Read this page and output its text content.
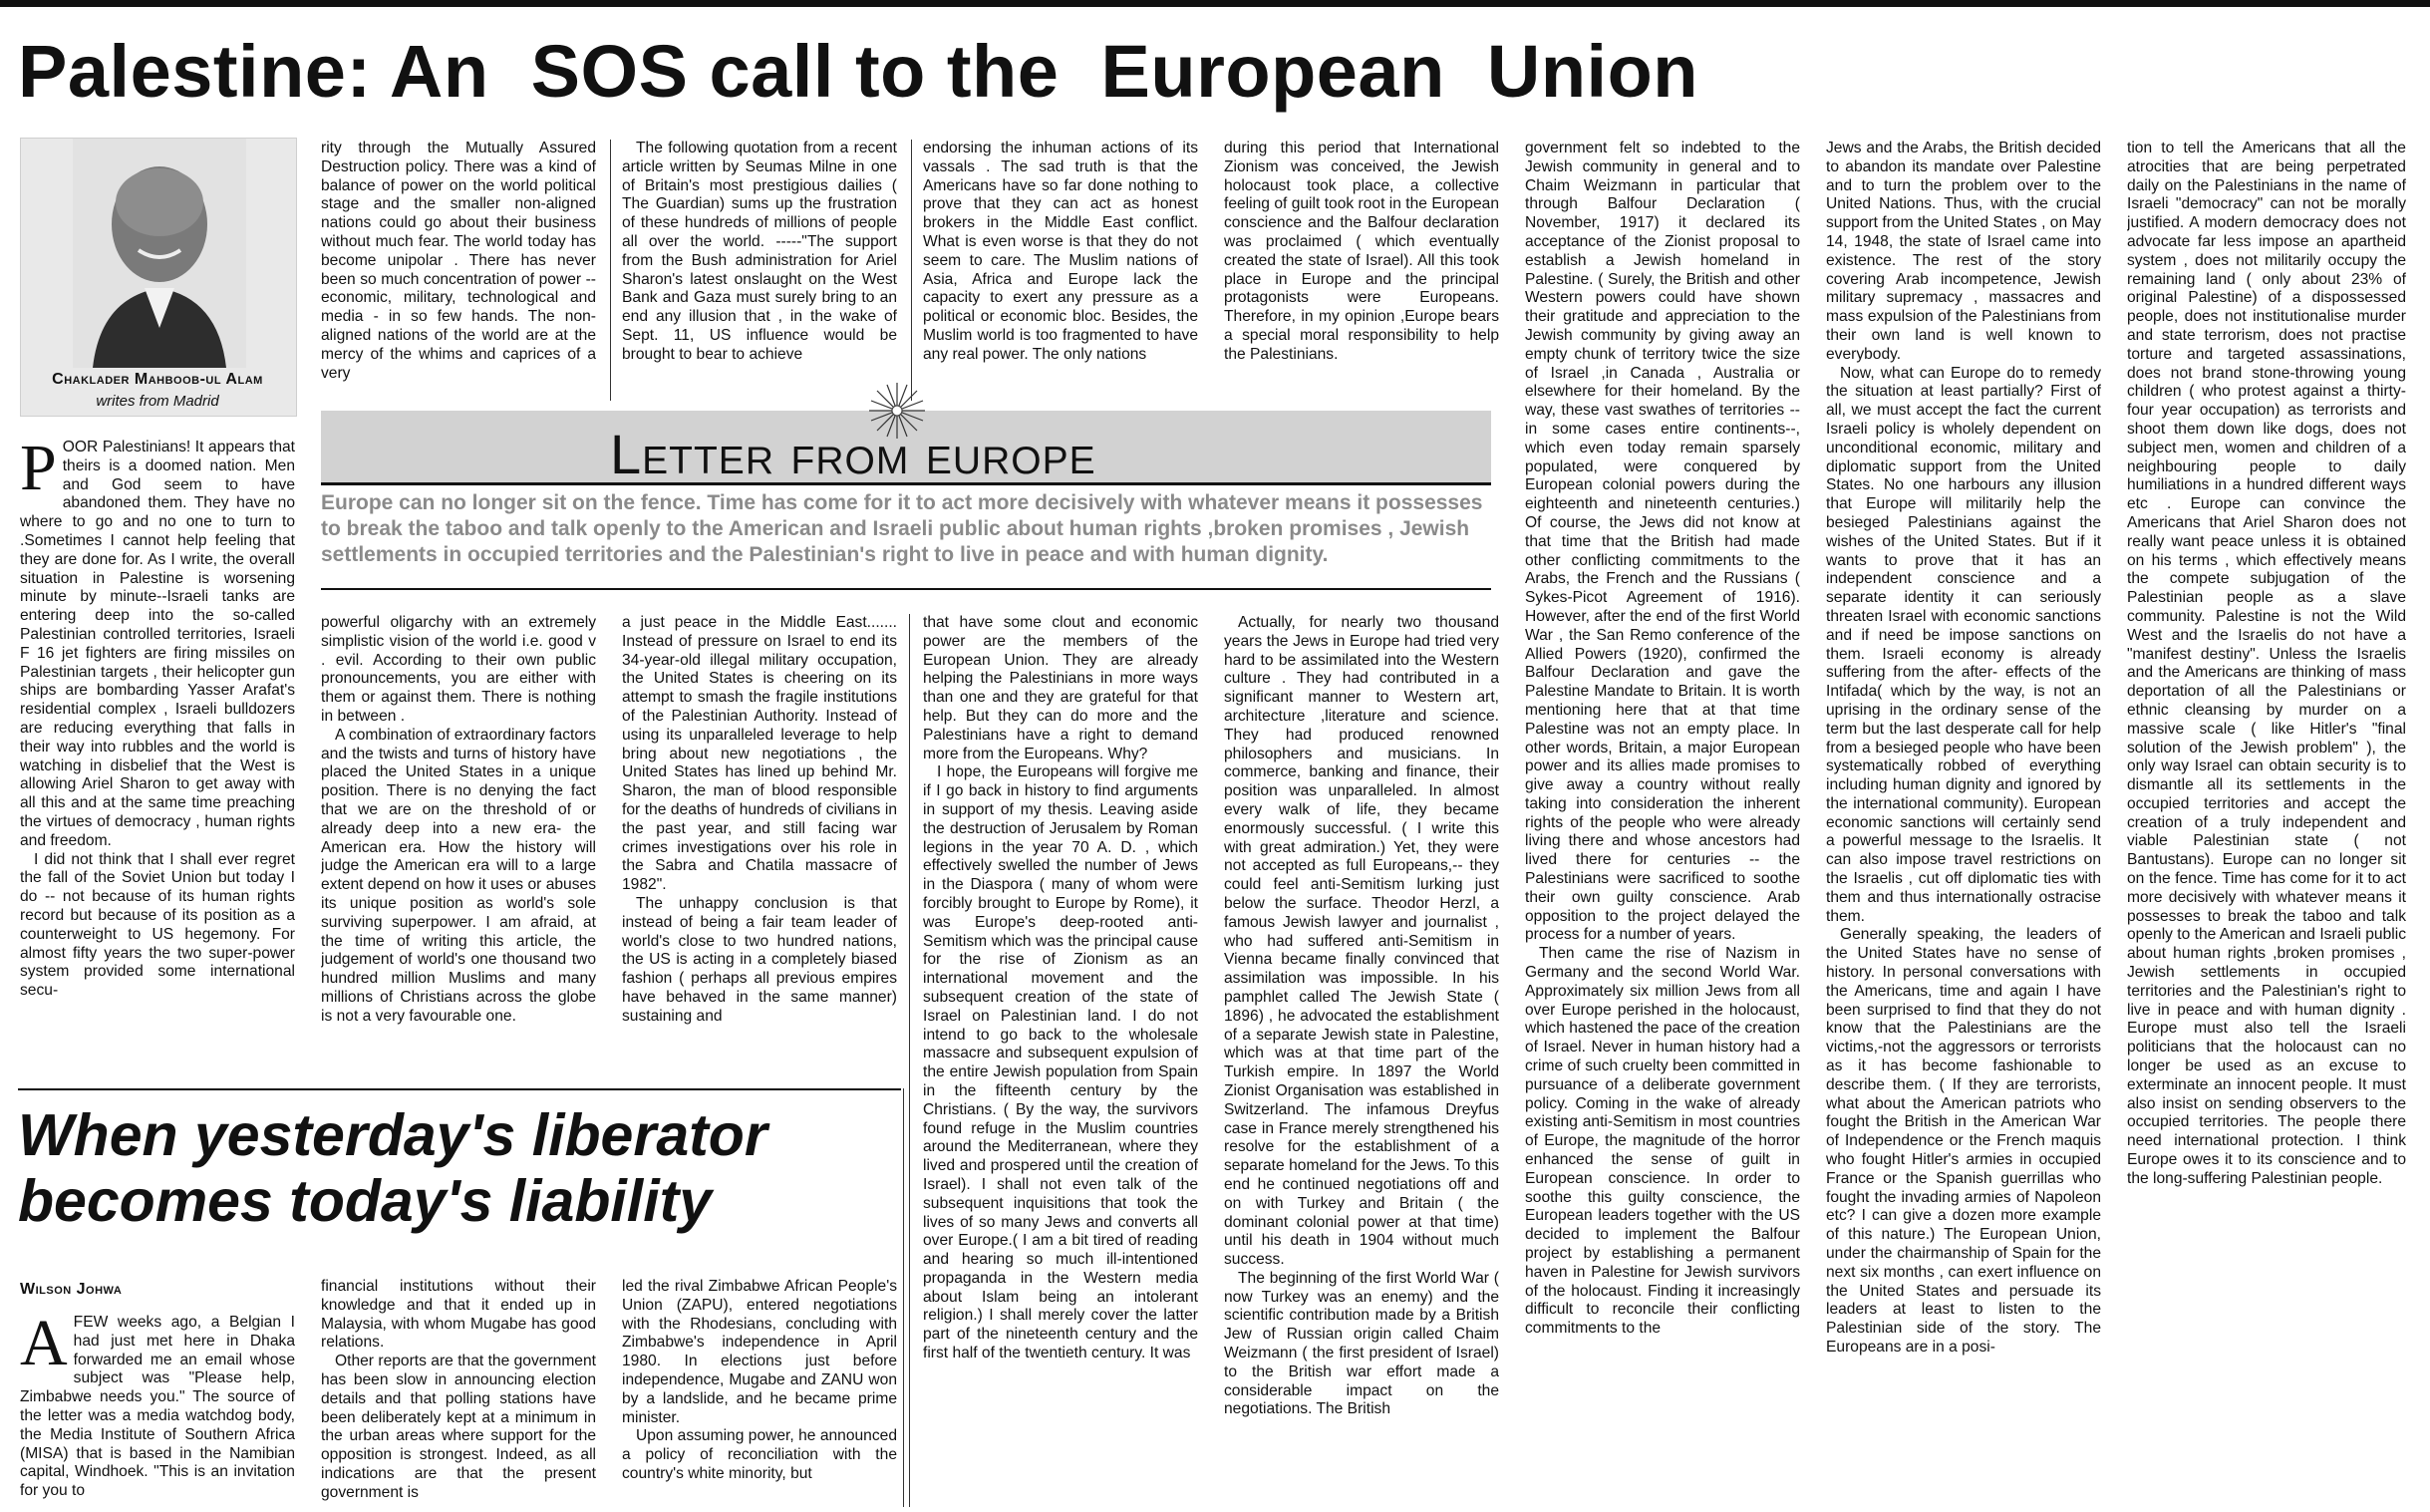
Palestine: An  SOS call to the  European  Union
Chaklader Mahboob-ul Alam
writes from Madrid
P OOR Palestinians! It appears that theirs is a doomed nation. Men and God seem to have abandoned them. They have no where to go and no one to turn to .Sometimes I cannot help feeling that they are done for. As I write, the overall situation in Palestine is worsening minute by minute--Israeli tanks are entering deep into the so-called Palestinian controlled territories, Israeli F 16 jet fighters are firing missiles on Palestinian targets , their helicopter gun ships are bombarding Yasser Arafat's residential complex , Israeli bulldozers are reducing everything that falls in their way into rubbles and the world is watching in disbelief that the West is allowing Ariel Sharon to get away with all this and at the same time preaching the virtues of democracy , human rights and freedom.

I did not think that I shall ever regret the fall of the Soviet Union but today I do -- not because of its human rights record but because of its position as a counterweight to US hegemony. For almost fifty years the two super-power system provided some international secu-

rity through the Mutually Assured Destruction policy. There was a kind of balance of power on the world political stage and the smaller non-aligned nations could go about their business without much fear. The world today has become unipolar . There has never been so much concentration of power --economic, military, technological and media - in so few hands. The non-aligned nations of the world are at the mercy of the whims and caprices of a very

The following quotation from a recent article written by Seumas Milne in one of Britain's most prestigious dailies ( The Guardian) sums up the frustration of these hundreds of millions of people all over the world. -----"The support from the Bush administration for Ariel Sharon's latest onslaught on the West Bank and Gaza must surely bring to an end any illusion that , in the wake of Sept. 11, US influence would be brought to bear to achieve

endorsing the inhuman actions of its vassals . The sad truth is that the Americans have so far done nothing to prove that they can act as honest brokers in the Middle East conflict. What is even worse is that they do not seem to care. The Muslim nations of Asia, Africa and Europe lack the capacity to exert any pressure as a political or economic bloc. Besides, the Muslim world is too fragmented to have any real power. The only nations

during this period that International Zionism was conceived, the Jewish holocaust took place, a collective feeling of guilt took root in the European conscience and the Balfour declaration was proclaimed ( which eventually created the state of Israel). All this took place in Europe and the principal protagonists were Europeans. Therefore, in my opinion ,Europe bears a special moral responsibility to help the Palestinians.

Letter from europe
Europe can no longer sit on the fence. Time has come for it to act more decisively with whatever means it possesses to break the taboo and talk openly to the American and Israeli public about human rights ,broken promises , Jewish settlements in occupied territories and the Palestinian's right to live in peace and with human dignity.

powerful oligarchy with an extremely simplistic vision of the world i.e. good v . evil. According to their own public pronouncements, you are either with them or against them. There is nothing in between .

A combination of extraordinary factors and the twists and turns of history have placed the United States in a unique position. There is no denying the fact that we are on the threshold of or already deep into a new era- the American era. How the history will judge the American era will to a large extent depend on how it uses or abuses its unique position as world's sole surviving superpower. I am afraid, at the time of writing this article, the judgement of world's one thousand two hundred million Muslims and many millions of Christians across the globe is not a very favourable one.

a just peace in the Middle East....... Instead of pressure on Israel to end its 34-year-old illegal military occupation, the United States is cheering on its attempt to smash the fragile institutions of the Palestinian Authority. Instead of using its unparalleled leverage to help bring about new negotiations , the United States has lined up behind Mr. Sharon, the man of blood responsible for the deaths of hundreds of civilians in the past year, and still facing war crimes investigations over his role in the Sabra and Chatila massacre of 1982".

The unhappy conclusion is that instead of being a fair team leader of world's close to two hundred nations, the US is acting in a completely biased fashion ( perhaps all previous empires have behaved in the same manner) sustaining and

that have some clout and economic power are the members of the European Union. They are already helping the Palestinians in more ways than one and they are grateful for that help. But they can do more and the Palestinians have a right to demand more from the Europeans. Why?

I hope, the Europeans will forgive me if I go back in history to find arguments in support of my thesis. Leaving aside the destruction of Jerusalem by Roman legions in the year 70 A. D. , which effectively swelled the number of Jews in the Diaspora ( many of whom were forcibly brought to Europe by Rome), it was Europe's deep-rooted anti-Semitism which was the principal cause for the rise of Zionism as an international movement and the subsequent creation of the state of Israel on Palestinian land. I do not intend to go back to the wholesale massacre and subsequent expulsion of the entire Jewish population from Spain in the fifteenth century by the Christians. ( By the way, the survivors found refuge in the Muslim countries around the Mediterranean, where they lived and prospered until the creation of Israel). I shall not even talk of the subsequent inquisitions that took the lives of so many Jews and converts all over Europe.( I am a bit tired of reading and hearing so much ill-intentioned propaganda in the Western media about Islam being an intolerant religion.) I shall merely cover the latter part of the nineteenth century and the first half of the twentieth century. It was

Actually, for nearly two thousand years the Jews in Europe had tried very hard to be assimilated into the Western culture . They had contributed in a significant manner to Western art, architecture ,literature and science. They had produced renowned philosophers and musicians. In commerce, banking and finance, their position was unparalleled. In almost every walk of life, they became enormously successful. ( I write this with great admiration.) Yet, they were not accepted as full Europeans,-- they could feel anti-Semitism lurking just below the surface. Theodor Herzl, a famous Jewish lawyer and journalist , who had suffered anti-Semitism in Vienna became finally convinced that assimilation was impossible. In his pamphlet called The Jewish State ( 1896) , he advocated the establishment of a separate Jewish state in Palestine, which was at that time part of the Turkish empire. In 1897 the World Zionist Organisation was established in Switzerland. The infamous Dreyfus case in France merely strengthened his resolve for the establishment of a separate homeland for the Jews. To this end he continued negotiations off and on with Turkey and Britain ( the dominant colonial power at that time) until his death in 1904 without much success.

The beginning of the first World War ( now Turkey was an enemy) and the scientific contribution made by a British Jew of Russian origin called Chaim Weizmann ( the first president of Israel) to the British war effort made a considerable impact on the negotiations. The British

government felt so indebted to the Jewish community in general and to Chaim Weizmann in particular that through Balfour Declaration ( November, 1917) it declared its acceptance of the Zionist proposal to establish a Jewish homeland in Palestine. ( Surely, the British and other Western powers could have shown their gratitude and appreciation to the Jewish community by giving away an empty chunk of territory twice the size of Israel ,in Canada , Australia or elsewhere for their homeland. By the way, these vast swathes of territories -- in some cases entire continents--, which even today remain sparsely populated, were conquered by European colonial powers during the eighteenth and nineteenth centuries.) Of course, the Jews did not know at that time that the British had made other conflicting commitments to the Arabs, the French and the Russians ( Sykes-Picot Agreement of 1916). However, after the end of the first World War , the San Remo conference of the Allied Powers (1920), confirmed the Balfour Declaration and gave the Palestine Mandate to Britain. It is worth mentioning here that at that time Palestine was not an empty place. In other words, Britain, a major European power and its allies made promises to give away a country without really taking into consideration the inherent rights of the people who were already living there and whose ancestors had lived there for centuries -- the Palestinians were sacrificed to soothe their own guilty conscience. Arab opposition to the project delayed the process for a number of years.

Then came the rise of Nazism in Germany and the second World War. Approximately six million Jews from all over Europe perished in the holocaust, which hastened the pace of the creation of Israel. Never in human history had a crime of such cruelty been committed in pursuance of a deliberate government policy. Coming in the wake of already existing anti-Semitism in most countries of Europe, the magnitude of the horror enhanced the sense of guilt in European conscience. In order to soothe this guilty conscience, the European leaders together with the US decided to implement the Balfour project by establishing a permanent haven in Palestine for Jewish survivors of the holocaust. Finding it increasingly difficult to reconcile their conflicting commitments to the

Jews and the Arabs, the British decided to abandon its mandate over Palestine and to turn the problem over to the United Nations. Thus, with the crucial support from the United States , on May 14, 1948, the state of Israel came into existence. The rest of the story covering Arab incompetence, Jewish military supremacy , massacres and mass expulsion of the Palestinians from their own land is well known to everybody.

Now, what can Europe do to remedy the situation at least partially? First of all, we must accept the fact the current Israeli policy is wholely dependent on unconditional economic, military and diplomatic support from the United States. No one harbours any illusion that Europe will militarily help the besieged Palestinians against the wishes of the United States. But if it wants to prove that it has an independent conscience and a separate identity it can seriously threaten Israel with economic sanctions and if need be impose sanctions on them. Israeli economy is already suffering from the after- effects of the Intifada( which by the way, is not an uprising in the ordinary sense of the term but the last desperate call for help from a besieged people who have been systematically robbed of everything including human dignity and ignored by the international community). European economic sanctions will certainly send a powerful message to the Israelis. It can also impose travel restrictions on the Israelis , cut off diplomatic ties with them and thus internationally ostracise them.

Generally speaking, the leaders of the United States have no sense of history. In personal conversations with the Americans, time and again I have been surprised to find that they do not know that the Palestinians are the victims,-not the aggressors or terrorists as it has become fashionable to describe them. ( If they are terrorists, what about the American patriots who fought the British in the American War of Independence or the French maquis who fought Hitler's armies in occupied France or the Spanish guerrillas who fought the invading armies of Napoleon etc? I can give a dozen more example of this nature.) The European Union, under the chairmanship of Spain for the next six months , can exert influence on the United States and persuade its leaders at least to listen to the Palestinian side of the story. The Europeans are in a posi-

tion to tell the Americans that all the atrocities that are being perpetrated daily on the Palestinians in the name of Israeli "democracy" can not be morally justified. A modern democracy does not advocate far less impose an apartheid system , does not militarily occupy the remaining land ( only about 23% of original Palestine) of a dispossessed people, does not institutionalise murder and state terrorism, does not practise torture and targeted assassinations, does not brand stone-throwing young children ( who protest against a thirty-four year occupation) as terrorists and shoot them down like dogs, does not subject men, women and children of a neighbouring people to daily humiliations in a hundred different ways etc . Europe can convince the Americans that Ariel Sharon does not really want peace unless it is obtained on his terms , which effectively means the compete subjugation of the Palestinian people as a slave community. Palestine is not the Wild West and the Israelis do not have a "manifest destiny". Unless the Israelis and the Americans are thinking of mass deportation of all the Palestinians or ethnic cleansing by murder on a massive scale ( like Hitler's "final solution of the Jewish problem" ), the only way Israel can obtain security is to dismantle all its settlements in the occupied territories and accept the creation of a truly independent and viable Palestinian state ( not Bantustans). Europe can no longer sit on the fence. Time has come for it to act more decisively with whatever means it possesses to break the taboo and talk openly to the American and Israeli public about human rights ,broken promises , Jewish settlements in occupied territories and the Palestinian's right to live in peace and with human dignity . Europe must also tell the Israeli politicians that the holocaust can no longer be used as an excuse to exterminate an innocent people. It must also insist on sending observers to the occupied territories. The people there need international protection. I think Europe owes it to its conscience and to the long-suffering Palestinian people.

When yesterday's liberator
becomes today's liability
Wilson Johwa
A FEW weeks ago, a Belgian I had just met here in Dhaka forwarded me an email whose subject was "Please help, Zimbabwe needs you." The source of the letter was a media watchdog body, the Media Institute of Southern Africa (MISA) that is based in the Namibian capital, Windhoek. "This is an invitation for you to

financial institutions without their knowledge and that it ended up in Malaysia, with whom Mugabe has good relations.

Other reports are that the government has been slow in announcing election details and that polling stations have been deliberately kept at a minimum in the urban areas where support for the opposition is strongest. Indeed, as all indications are that the present government is

led the rival Zimbabwe African People's Union (ZAPU), entered negotiations with the Rhodesians, concluding with Zimbabwe's independence in April 1980. In elections just before independence, Mugabe and ZANU won by a landslide, and he became prime minister.

Upon assuming power, he announced a policy of reconciliation with the country's white minority, but
